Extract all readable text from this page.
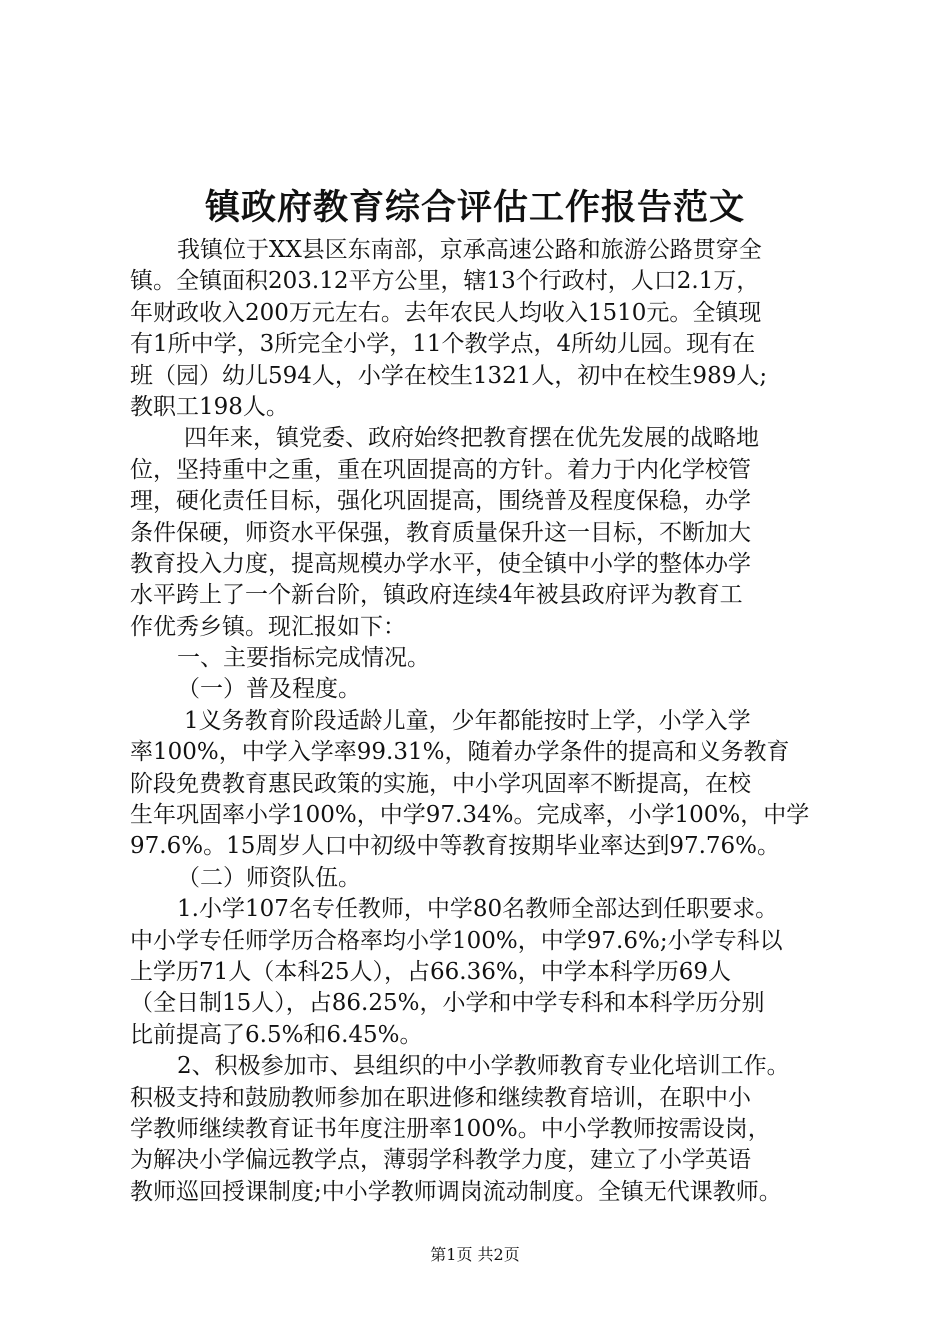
镇政府教育综合评估工作报告范文
我镇位于XX县区东南部，京承高速公路和旅游公路贯穿全
镇。全镇面积203.12平方公里，辖13个行政村，人口2.1万，
年财政收入200万元左右。去年农民人均收入1510元。全镇现
有1所中学，3所完全小学，11个教学点，4所幼儿园。现有在
班（园）幼儿594人，小学在校生1321人，初中在校生989人;
教职工198人。
四年来，镇党委、政府始终把教育摆在优先发展的战略地
位，坚持重中之重，重在巩固提高的方针。着力于内化学校管
理，硬化责任目标，强化巩固提高，围绕普及程度保稳，办学
条件保硬，师资水平保强，教育质量保升这一目标，不断加大
教育投入力度，提高规模办学水平，使全镇中小学的整体办学
水平跨上了一个新台阶，镇政府连续4年被县政府评为教育工
作优秀乡镇。现汇报如下：
一、主要指标完成情况。
（一）普及程度。
1义务教育阶段适龄儿童，少年都能按时上学，小学入学
率100%，中学入学率99.31%，随着办学条件的提高和义务教育
阶段免费教育惠民政策的实施，中小学巩固率不断提高，在校
生年巩固率小学100%，中学97.34%。完成率，小学100%，中学
97.6%。15周岁人口中初级中等教育按期毕业率达到97.76%。
（二）师资队伍。
1.小学107名专任教师，中学80名教师全部达到任职要求。
中小学专任师学历合格率均小学100%，中学97.6%;小学专科以
上学历71人（本科25人），占66.36%，中学本科学历69人
（全日制15人），占86.25%，小学和中学专科和本科学历分别
比前提高了6.5%和6.45%。
2、积极参加市、县组织的中小学教师教育专业化培训工作。
积极支持和鼓励教师参加在职进修和继续教育培训，在职中小
学教师继续教育证书年度注册率100%。中小学教师按需设岗，
为解决小学偏远教学点，薄弱学科教学力度，建立了小学英语
教师巡回授课制度;中小学教师调岗流动制度。全镇无代课教师。
第1页 共2页
